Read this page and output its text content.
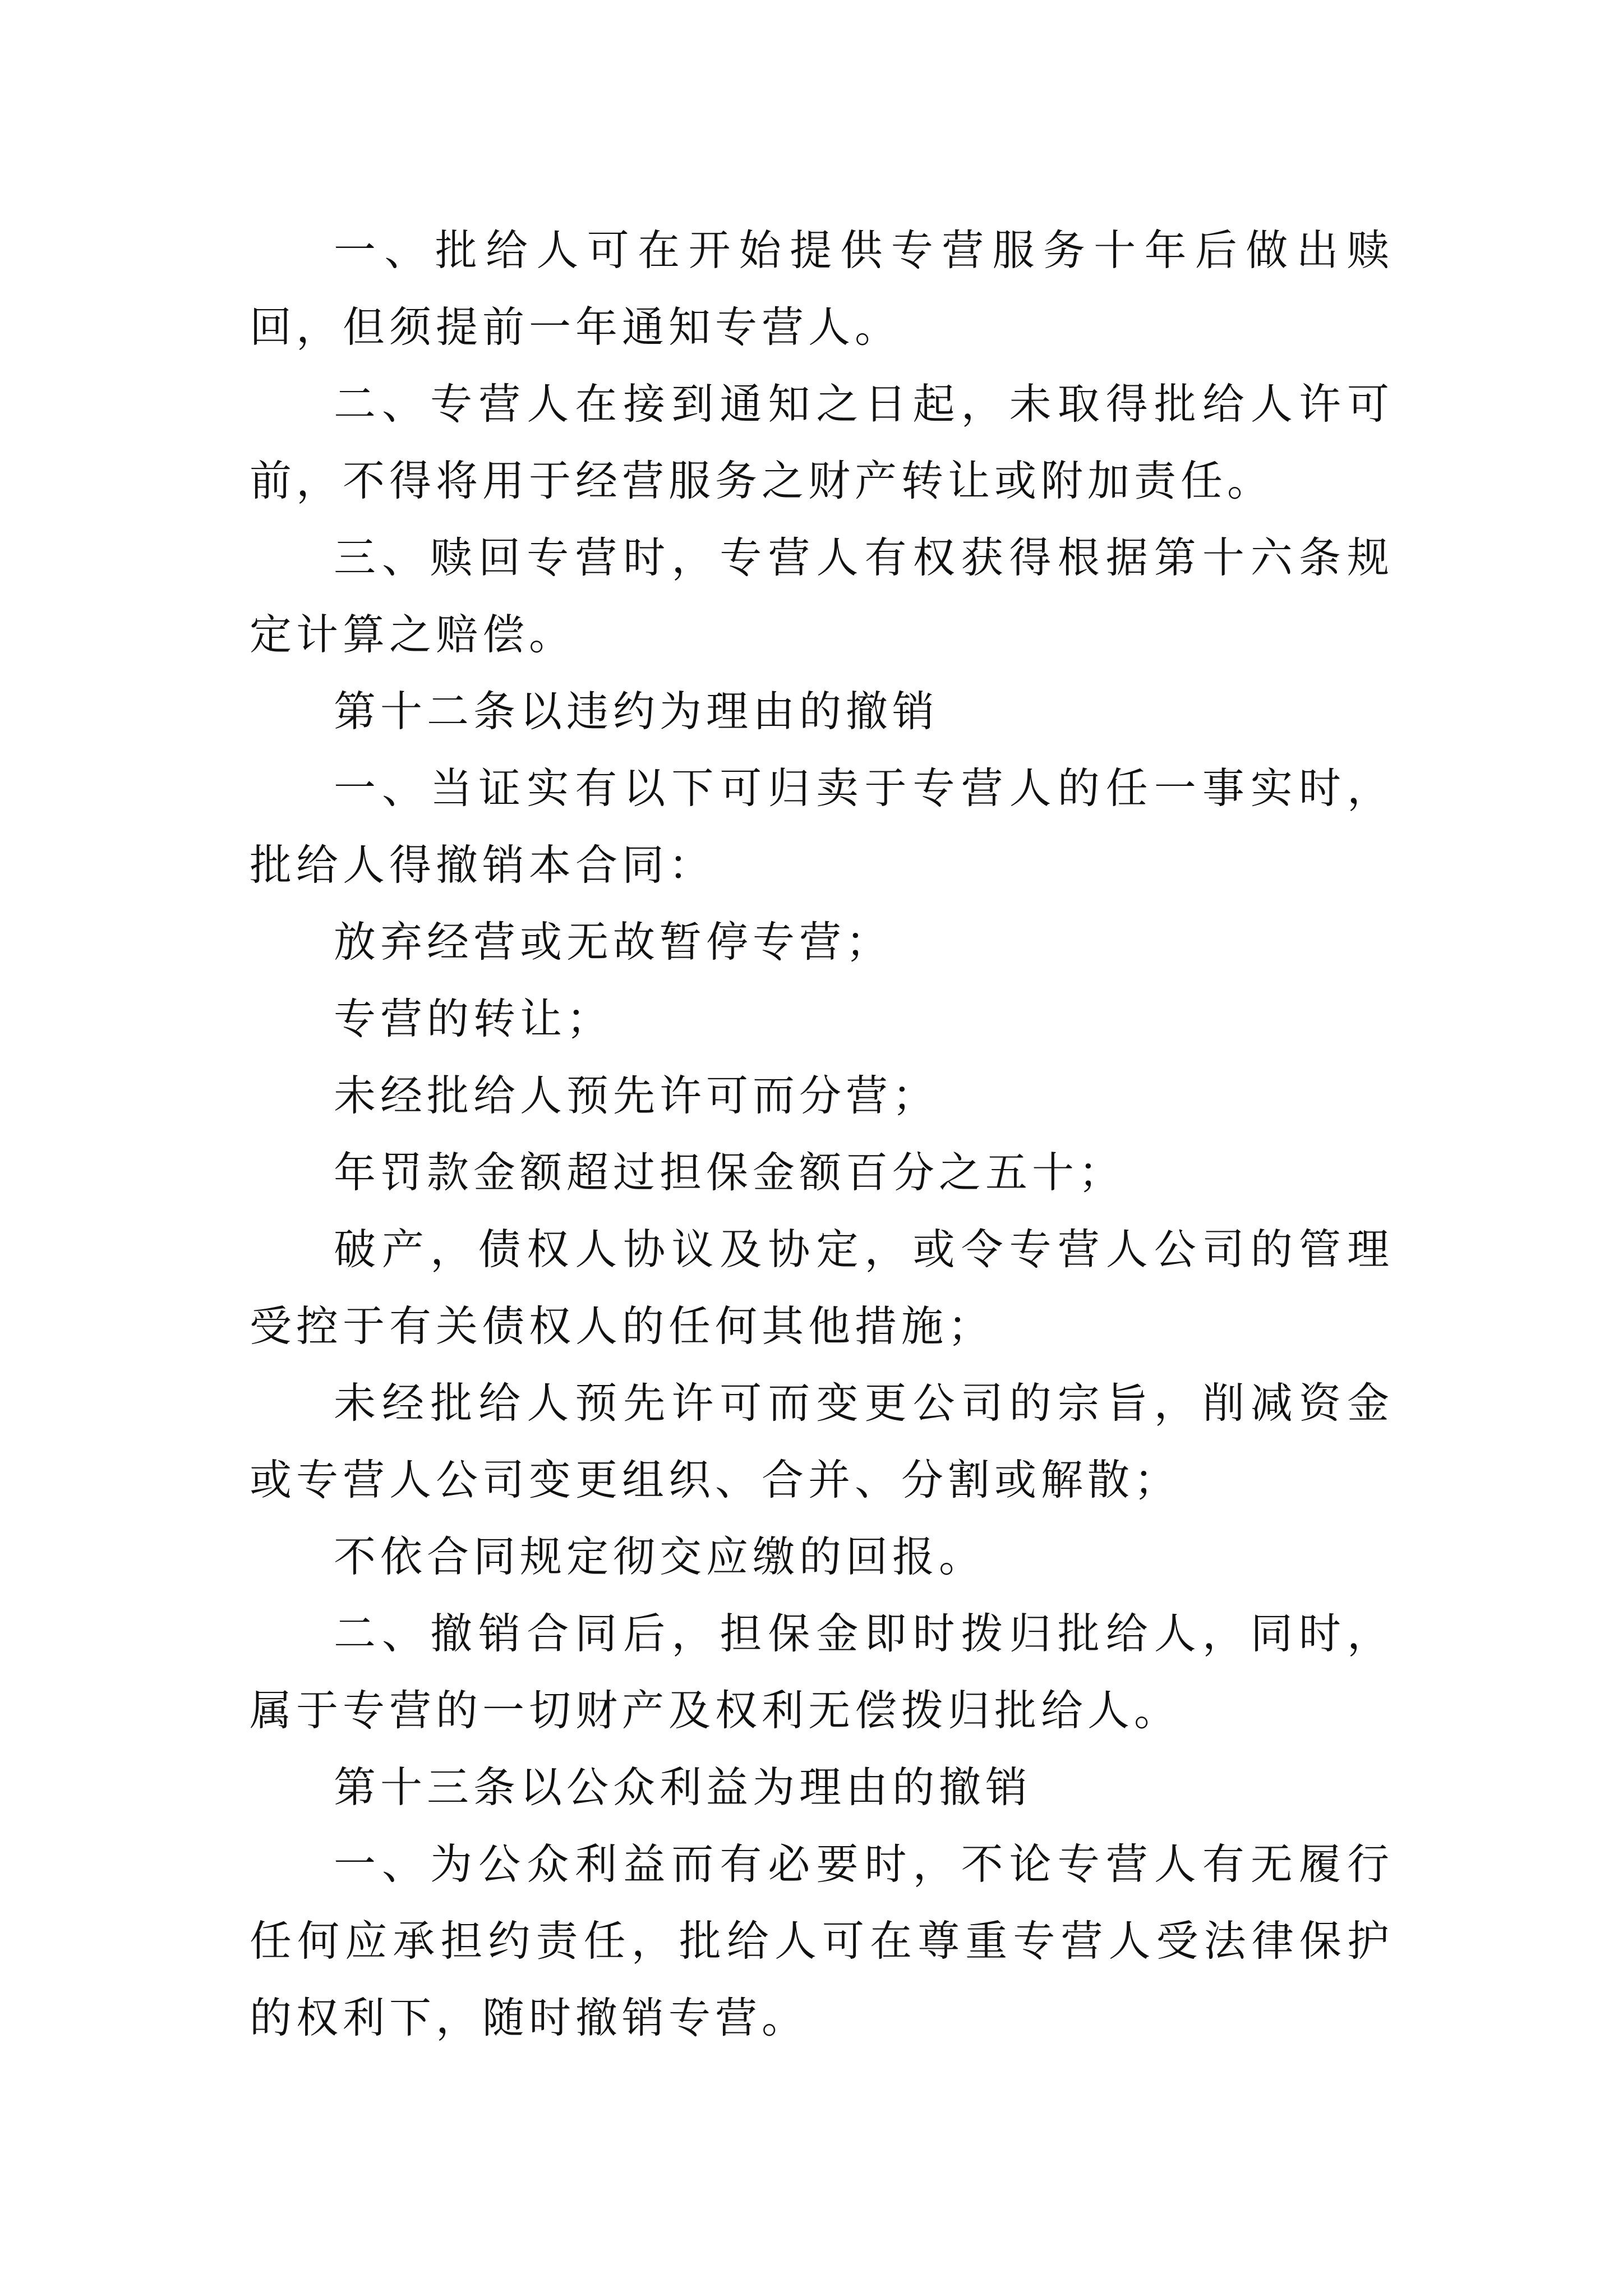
一、批给人可在开始提供专营服务十年后做出赎回，但须提前一年通知专营人。

二、专营人在接到通知之日起，未取得批给人许可前，不得将用于经营服务之财产转让或附加责任。

三、赎回专营时，专营人有权获得根据第十六条规定计算之赔偿。

第十二条以违约为理由的撤销

一、当证实有以下可归卖于专营人的任一事实时，批给人得撤销本合同：

放弃经营或无故暂停专营；

专营的转让；

未经批给人预先许可而分营；

年罚款金额超过担保金额百分之五十；

破产，债权人协议及协定，或令专营人公司的管理受控于有关债权人的任何其他措施；

未经批给人预先许可而变更公司的宗旨，削减资金或专营人公司变更组织、合并、分割或解散；

不依合同规定彻交应缴的回报。

二、撤销合同后，担保金即时拨归批给人，同时，属于专营的一切财产及权利无偿拨归批给人。

第十三条以公众利益为理由的撤销

一、为公众利益而有必要时，不论专营人有无履行任何应承担约责任，批给人可在尊重专营人受法律保护的权利下，随时撤销专营。
